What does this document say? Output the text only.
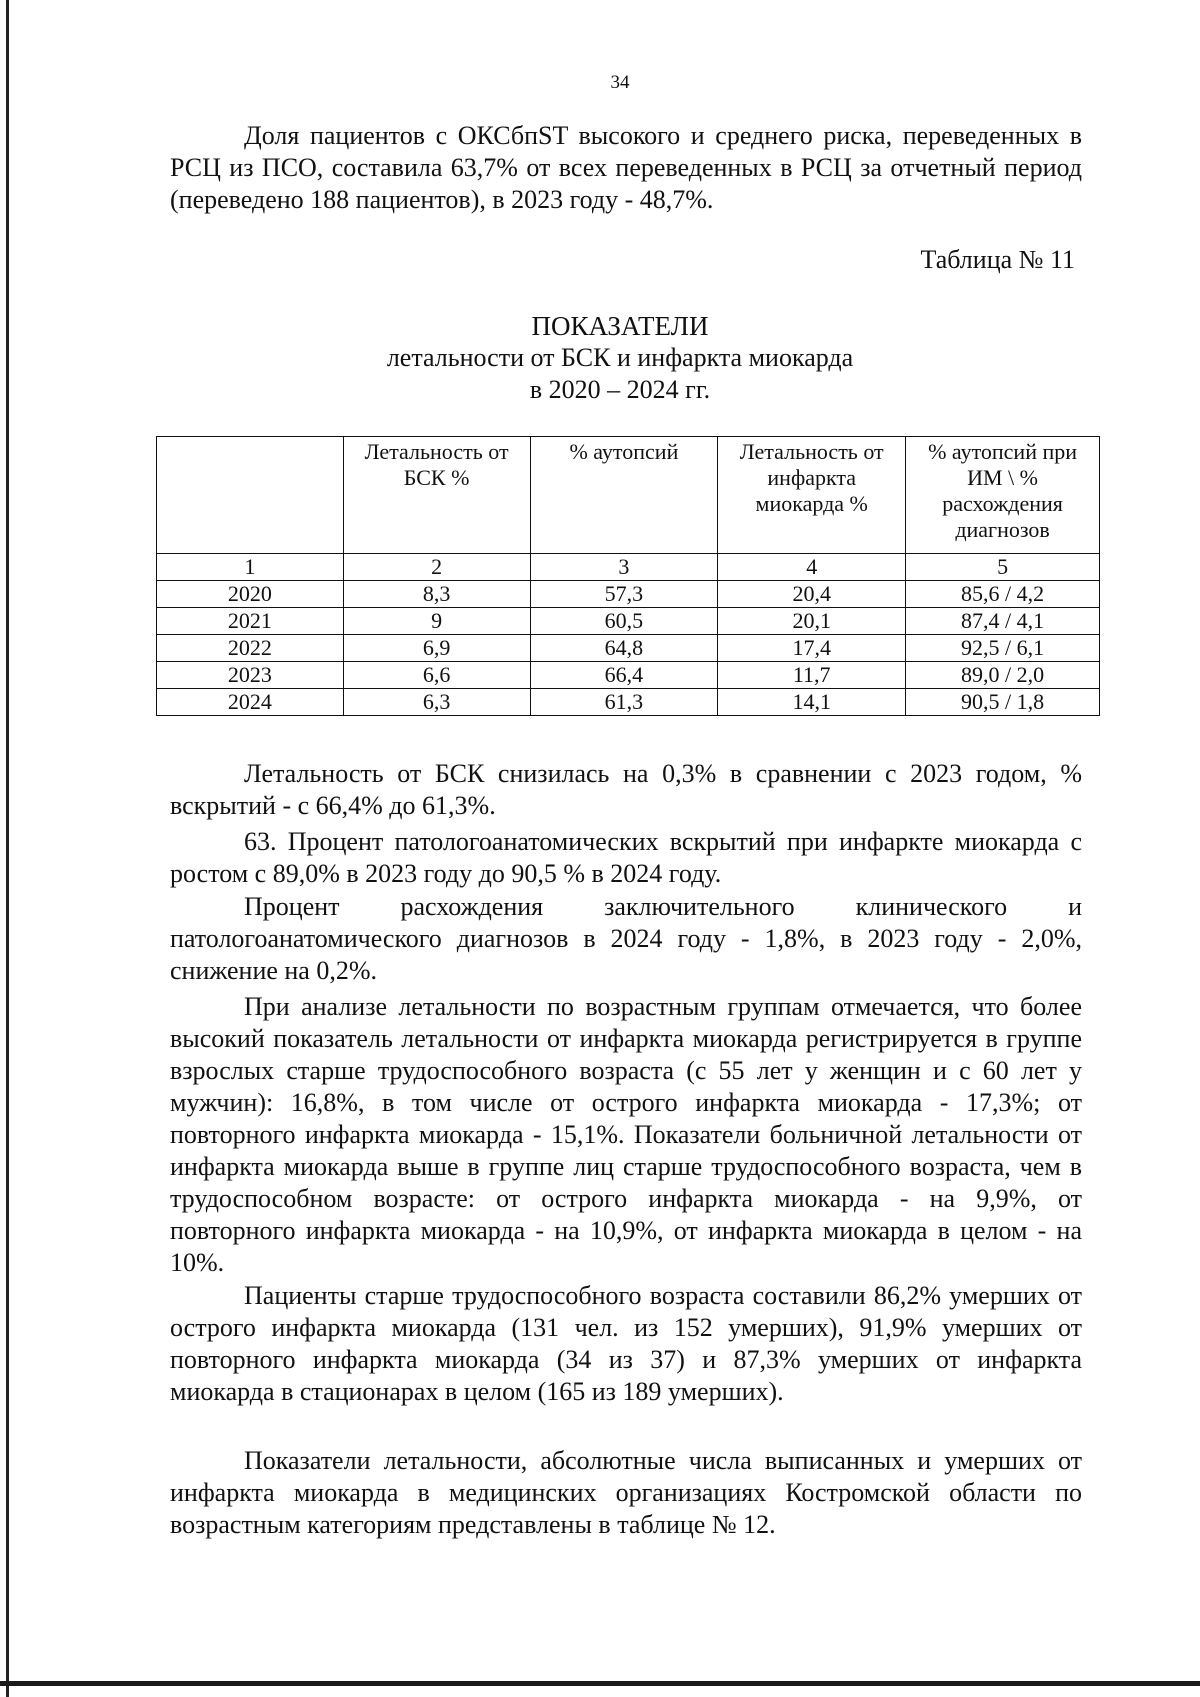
34
Доля пациентов с ОКСбпST высокого и среднего риска, переведенных в РСЦ из ПСО, составила 63,7% от всех переведенных в РСЦ за отчетный период (переведено 188 пациентов), в 2023 году - 48,7%.
Таблица № 11
ПОКАЗАТЕЛИ
летальности от БСК и инфаркта миокарда
в 2020 – 2024 гг.
	Летальность от БСК %	% аутопсий	Летальность от инфаркта миокарда %	% аутопсий при ИМ \ % расхождения диагнозов
1	2	3	4	5
2020	8,3	57,3	20,4	85,6 / 4,2
2021	9	60,5	20,1	87,4 / 4,1
2022	6,9	64,8	17,4	92,5 / 6,1
2023	6,6	66,4	11,7	89,0 / 2,0
2024	6,3	61,3	14,1	90,5 / 1,8
Летальность от БСК снизилась на 0,3% в сравнении с 2023 годом, % вскрытий - с 66,4% до 61,3%.
63. Процент патологоанатомических вскрытий при инфаркте миокарда с ростом с 89,0% в 2023 году до 90,5 % в 2024 году.
Процент расхождения заключительного клинического и патологоанатомического диагнозов в 2024 году - 1,8%, в 2023 году - 2,0%, снижение на 0,2%.
При анализе летальности по возрастным группам отмечается, что более высокий показатель летальности от инфаркта миокарда регистрируется в группе взрослых старше трудоспособного возраста (с 55 лет у женщин и с 60 лет у мужчин): 16,8%, в том числе от острого инфаркта миокарда - 17,3%; от повторного инфаркта миокарда - 15,1%. Показатели больничной летальности от инфаркта миокарда выше в группе лиц старше трудоспособного возраста, чем в трудоспособном возрасте: от острого инфаркта миокарда - на 9,9%, от повторного инфаркта миокарда - на 10,9%, от инфаркта миокарда в целом - на 10%.
Пациенты старше трудоспособного возраста составили 86,2% умерших от острого инфаркта миокарда (131 чел. из 152 умерших), 91,9% умерших от повторного инфаркта миокарда (34 из 37) и 87,3% умерших от инфаркта миокарда в стационарах в целом (165 из 189 умерших).
Показатели летальности, абсолютные числа выписанных и умерших от инфаркта миокарда в медицинских организациях Костромской области по возрастным категориям представлены в таблице № 12.
